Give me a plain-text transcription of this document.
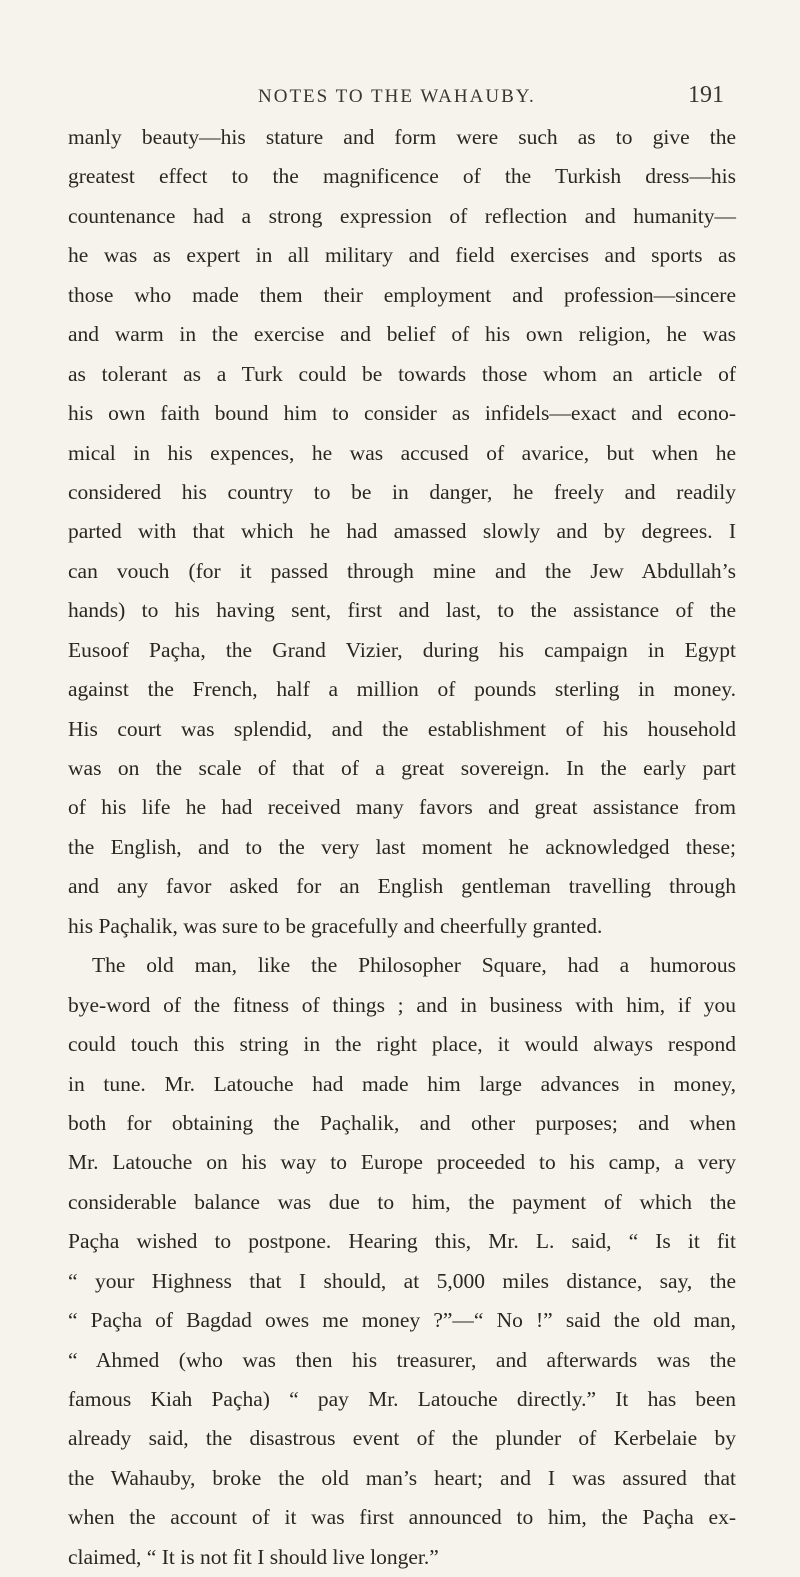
NOTES TO THE WAHAUBY.	191
manly beauty—his stature and form were such as to give the
greatest effect to the magnificence of the Turkish dress—his
countenance had a strong expression of reflection and humanity—
he was as expert in all military and field exercises and sports as
those who made them their employment and profession—sincere
and warm in the exercise and belief of his own religion, he was
as tolerant as a Turk could be towards those whom an article of
his own faith bound him to consider as infidels—exact and econo-
mical in his expences, he was accused of avarice, but when he
considered his country to be in danger, he freely and readily
parted with that which he had amassed slowly and by degrees. I
can vouch (for it passed through mine and the Jew Abdullah’s
hands) to his having sent, first and last, to the assistance of the
Eusoof Paçha, the Grand Vizier, during his campaign in Egypt
against the French, half a million of pounds sterling in money.
His court was splendid, and the establishment of his household
was on the scale of that of a great sovereign. In the early part
of his life he had received many favors and great assistance from
the English, and to the very last moment he acknowledged these;
and any favor asked for an English gentleman travelling through
his Paçhalik, was sure to be gracefully and cheerfully granted.
The old man, like the Philosopher Square, had a humorous
bye-word of the fitness of things ; and in business with him, if you
could touch this string in the right place, it would always respond
in tune. Mr. Latouche had made him large advances in money,
both for obtaining the Paçhalik, and other purposes; and when
Mr. Latouche on his way to Europe proceeded to his camp, a very
considerable balance was due to him, the payment of which the
Paçha wished to postpone. Hearing this, Mr. L. said, “ Is it fit
“ your Highness that I should, at 5,000 miles distance, say, the
“ Paçha of Bagdad owes me money ?”—“ No !” said the old man,
“ Ahmed (who was then his treasurer, and afterwards was the
famous Kiah Paçha) “ pay Mr. Latouche directly.” It has been
already said, the disastrous event of the plunder of Kerbelaie by
the Wahauby, broke the old man’s heart; and I was assured that
when the account of it was first announced to him, the Paçha ex-
claimed, “ It is not fit I should live longer.”
